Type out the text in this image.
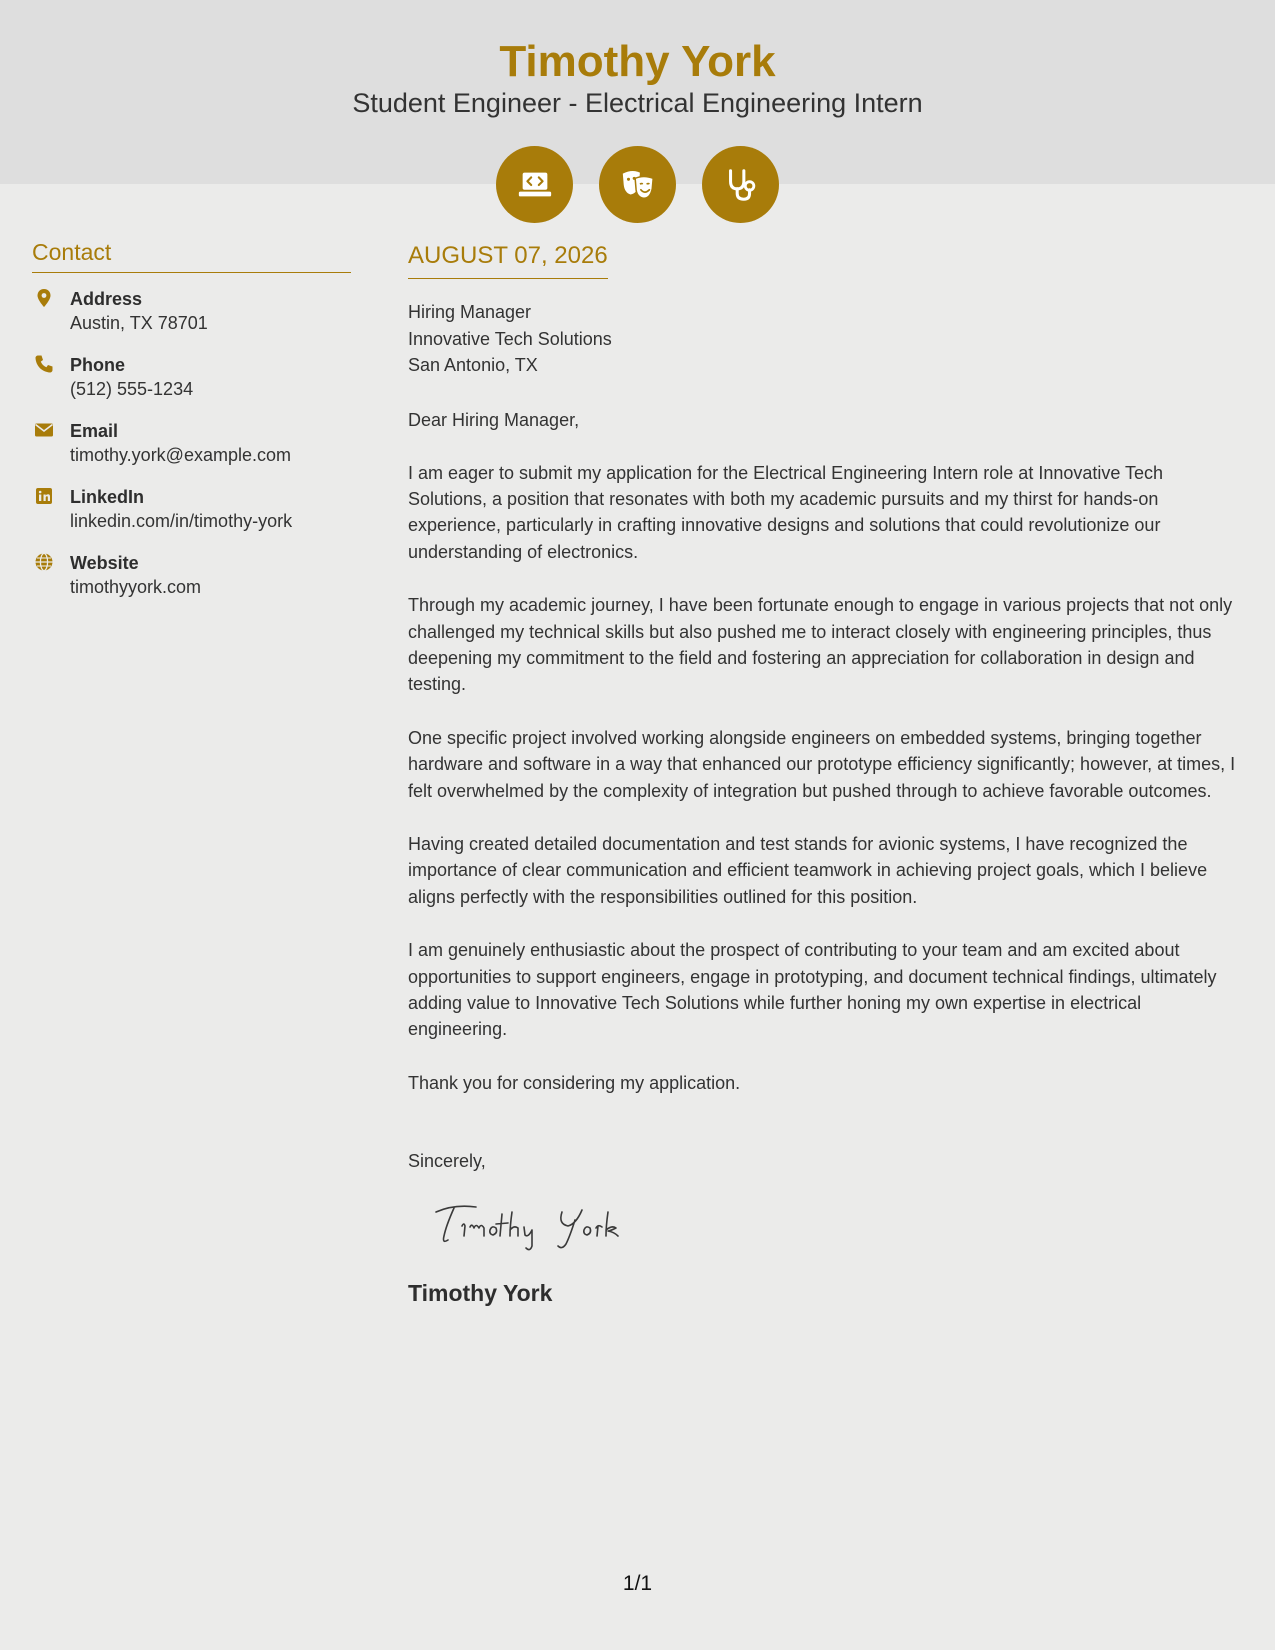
Timothy York
Student Engineer - Electrical Engineering Intern
Contact
Address
Austin, TX 78701
Phone
(512) 555-1234
Email
timothy.york@example.com
LinkedIn
linkedin.com/in/timothy-york
Website
timothyyork.com
AUGUST 07, 2026
Hiring Manager
Innovative Tech Solutions
San Antonio, TX
Dear Hiring Manager,
I am eager to submit my application for the Electrical Engineering Intern role at Innovative Tech Solutions, a position that resonates with both my academic pursuits and my thirst for hands-on experience, particularly in crafting innovative designs and solutions that could revolutionize our understanding of electronics.
Through my academic journey, I have been fortunate enough to engage in various projects that not only challenged my technical skills but also pushed me to interact closely with engineering principles, thus deepening my commitment to the field and fostering an appreciation for collaboration in design and testing.
One specific project involved working alongside engineers on embedded systems, bringing together hardware and software in a way that enhanced our prototype efficiency significantly; however, at times, I felt overwhelmed by the complexity of integration but pushed through to achieve favorable outcomes.
Having created detailed documentation and test stands for avionic systems, I have recognized the importance of clear communication and efficient teamwork in achieving project goals, which I believe aligns perfectly with the responsibilities outlined for this position.
I am genuinely enthusiastic about the prospect of contributing to your team and am excited about opportunities to support engineers, engage in prototyping, and document technical findings, ultimately adding value to Innovative Tech Solutions while further honing my own expertise in electrical engineering.
Thank you for considering my application.
Sincerely,
Timothy York
1/1
